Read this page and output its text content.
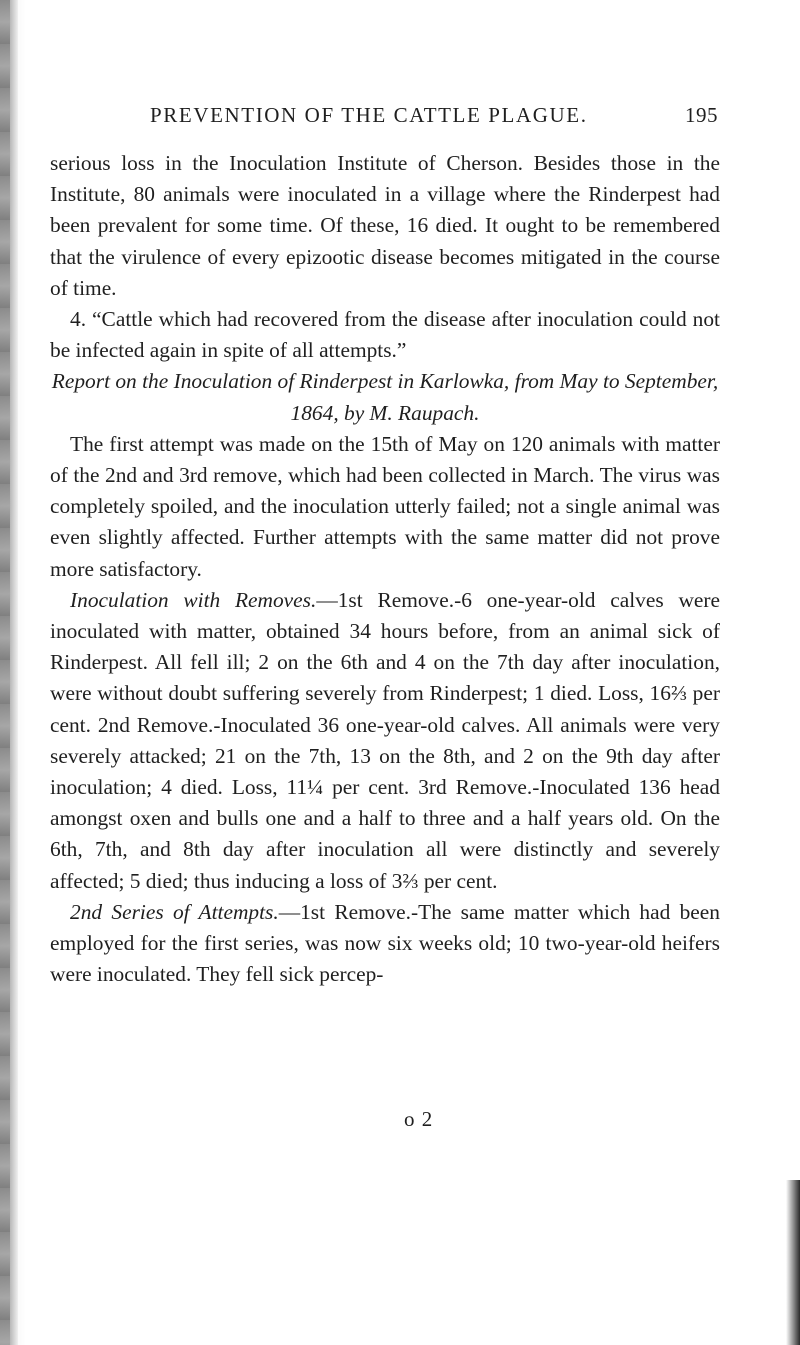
PREVENTION OF THE CATTLE PLAGUE.	195

serious loss in the Inoculation Institute of Cherson. Besides those in the Institute, 80 animals were inoculated in a village where the Rinderpest had been prevalent for some time. Of these, 16 died. It ought to be remembered that the virulence of every epizootic disease becomes mitigated in the course of time.

4. “Cattle which had recovered from the disease after inoculation could not be infected again in spite of all attempts.”

Report on the Inoculation of Rinderpest in Karlowka, from May to September, 1864, by M. Raupach.

The first attempt was made on the 15th of May on 120 animals with matter of the 2nd and 3rd remove, which had been collected in March. The virus was completely spoiled, and the inoculation utterly failed; not a single animal was even slightly affected. Further attempts with the same matter did not prove more satisfactory.

Inoculation with Removes.—1st Remove.-6 one-year-old calves were inoculated with matter, obtained 34 hours before, from an animal sick of Rinderpest. All fell ill; 2 on the 6th and 4 on the 7th day after inoculation, were without doubt suffering severely from Rinderpest; 1 died. Loss, 16⅔ per cent. 2nd Remove.-Inoculated 36 one-year-old calves. All animals were very severely attacked; 21 on the 7th, 13 on the 8th, and 2 on the 9th day after inoculation; 4 died. Loss, 11¼ per cent. 3rd Remove.-Inoculated 136 head amongst oxen and bulls one and a half to three and a half years old. On the 6th, 7th, and 8th day after inoculation all were distinctly and severely affected; 5 died; thus inducing a loss of 3⅔ per cent.

2nd Series of Attempts.—1st Remove.-The same matter which had been employed for the first series, was now six weeks old; 10 two-year-old heifers were inoculated. They fell sick percep-

o 2
